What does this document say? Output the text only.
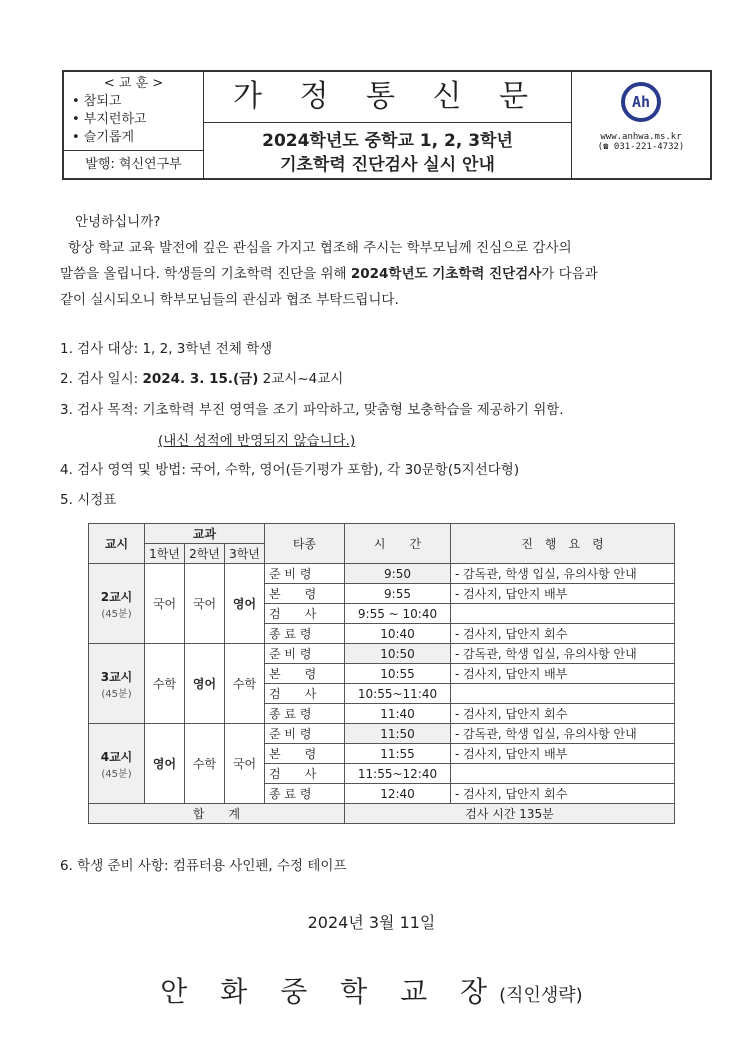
< 교 훈 >
• 참되고
• 부지런하고
• 슬기롭게
발행: 혁신연구부
가 정 통 신 문
2024학년도 중학교 1, 2, 3학년
기초학력 진단검사 실시 안내
Ah
www.anhwa.ms.kr
(☎ 031-221-4732)
안녕하십니까?
항상 학교 교육 발전에 깊은 관심을 가지고 협조해 주시는 학부모님께 진심으로 감사의
말씀을 올립니다. 학생들의 기초학력 진단을 위해 2024학년도 기초학력 진단검사가 다음과
같이 실시되오니 학부모님들의 관심과 협조 부탁드립니다.
1. 검사 대상: 1, 2, 3학년 전체 학생
2. 검사 일시: 2024. 3. 15.(금) 2교시~4교시
3. 검사 목적: 기초학력 부진 영역을 조기 파악하고, 맞춤형 보충학습을 제공하기 위함.
(내신 성적에 반영되지 않습니다.)
4. 검사 영역 및 방법: 국어, 수학, 영어(듣기평가 포함), 각 30문항(5지선다형)
5. 시정표
교시	교과			타종	시　　간	진　행　요　령
	1학년	2학년	3학년			

2교시
(45분)	국어	국어	영어	준 비 령	9:50	- 감독관, 학생 입실, 유의사항 안내
				본　　령	9:55	- 검사지, 답안지 배부
				검　　사	9:55 ~ 10:40	
				종 료 령	10:40	- 검사지, 답안지 회수

3교시
(45분)	수학	영어	수학	준 비 령	10:50	- 감독관, 학생 입실, 유의사항 안내
				본　　령	10:55	- 검사지, 답안지 배부
				검　　사	10:55~11:40	
				종 료 령	11:40	- 검사지, 답안지 회수

4교시
(45분)	영어	수학	국어	준 비 령	11:50	- 감독관, 학생 입실, 유의사항 안내
				본　　령	11:55	- 검사지, 답안지 배부
				검　　사	11:55~12:40	
				종 료 령	12:40	- 검사지, 답안지 회수
합　　계					검사 시간 135분	
6. 학생 준비 사항: 컴퓨터용 사인펜, 수정 테이프
2024년 3월 11일
안 화 중 학 교 장(직인생략)
